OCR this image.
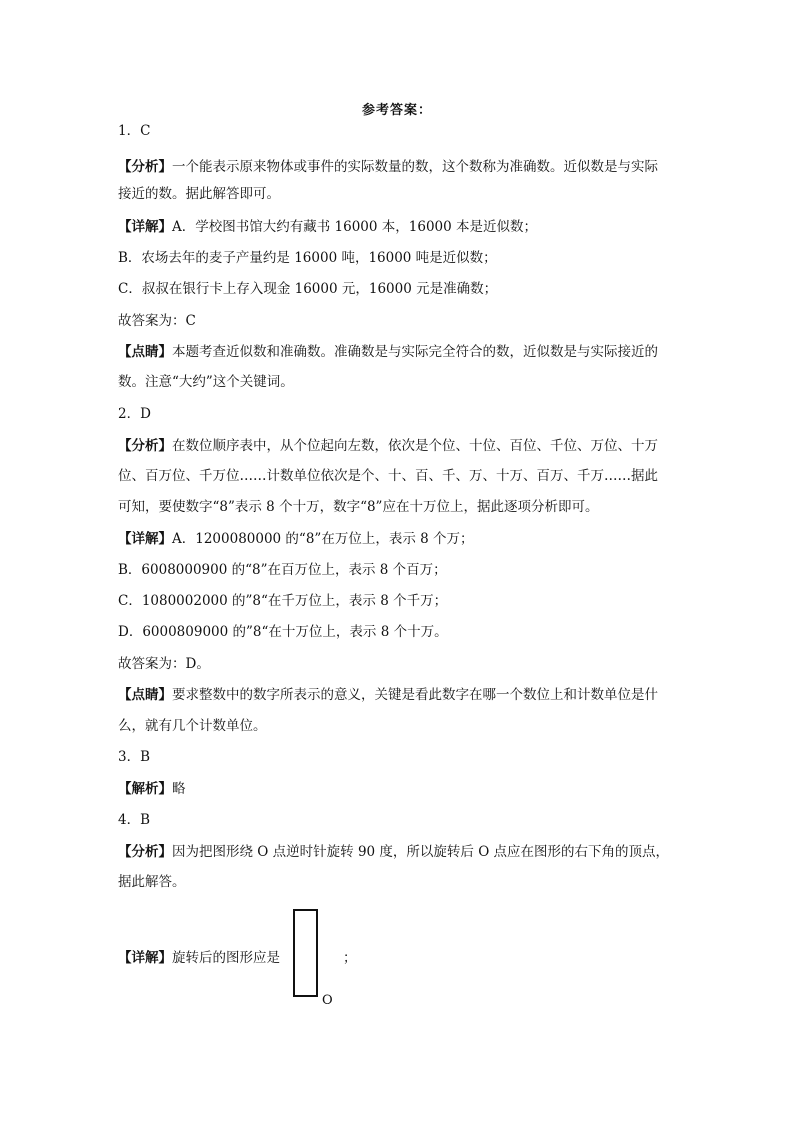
参考答案：
1．C
【分析】一个能表示原来物体或事件的实际数量的数，这个数称为准确数。近似数是与实际
接近的数。据此解答即可。
【详解】A．学校图书馆大约有藏书 16000 本，16000 本是近似数；
B．农场去年的麦子产量约是 16000 吨，16000 吨是近似数；
C．叔叔在银行卡上存入现金 16000 元，16000 元是准确数；
故答案为：C
【点睛】本题考查近似数和准确数。准确数是与实际完全符合的数，近似数是与实际接近的
数。注意“大约”这个关键词。
2．D
【分析】在数位顺序表中，从个位起向左数，依次是个位、十位、百位、千位、万位、十万
位、百万位、千万位……计数单位依次是个、十、百、千、万、十万、百万、千万……据此
可知，要使数字“8”表示 8 个十万，数字“8”应在十万位上，据此逐项分析即可。
【详解】A．1200080000 的“8”在万位上，表示 8 个万；
B．6008000900 的“8”在百万位上，表示 8 个百万；
C．1080002000 的”8“在千万位上，表示 8 个千万；
D．6000809000 的”8“在十万位上，表示 8 个十万。
故答案为：D。
【点睛】要求整数中的数字所表示的意义，关键是看此数字在哪一个数位上和计数单位是什
么，就有几个计数单位。
3．B
【解析】略
4．B
【分析】因为把图形绕 O 点逆时针旋转 90 度，所以旋转后 O 点应在图形的右下角的顶点，
据此解答。
【详解】旋转后的图形应是	；
O
